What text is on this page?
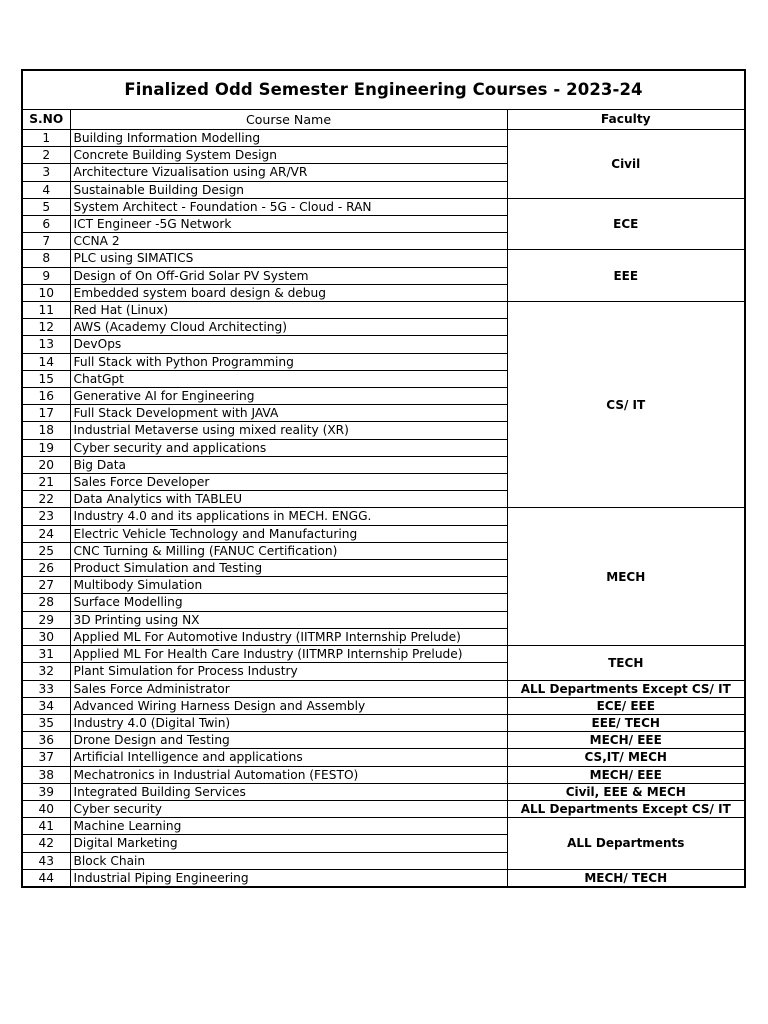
Finalized Odd Semester Engineering Courses - 2023-24
S.NO	Course Name	Faculty
1	Building Information Modelling	Civil
2	Concrete Building System Design	
3	Architecture Vizualisation using AR/VR	
4	Sustainable Building Design	
5	System Architect - Foundation - 5G - Cloud - RAN	ECE
6	ICT Engineer -5G Network	
7	CCNA 2	
8	PLC using SIMATICS	EEE
9	Design of On Off-Grid Solar PV System	
10	Embedded system board design & debug	
11	Red Hat (Linux)	CS/ IT
12	AWS (Academy Cloud Architecting)	
13	DevOps	
14	Full Stack with Python Programming	
15	ChatGpt	
16	Generative AI for Engineering	
17	Full Stack Development with JAVA	
18	Industrial Metaverse using mixed reality (XR)	
19	Cyber security and applications	
20	Big Data	
21	Sales Force Developer	
22	Data Analytics with TABLEU	
23	Industry 4.0 and its applications in MECH. ENGG.	MECH
24	Electric Vehicle Technology and Manufacturing	
25	CNC Turning & Milling (FANUC Certification)	
26	Product Simulation and Testing	
27	Multibody Simulation	
28	Surface Modelling	
29	3D Printing using NX	
30	Applied ML For Automotive Industry (IITMRP Internship Prelude)	
31	Applied ML For Health Care Industry (IITMRP Internship Prelude)	TECH
32	Plant Simulation for Process Industry	
33	Sales Force Administrator	ALL Departments Except CS/ IT
34	Advanced Wiring Harness Design and Assembly	ECE/ EEE
35	Industry 4.0 (Digital Twin)	EEE/ TECH
36	Drone Design and Testing	MECH/ EEE
37	Artificial Intelligence and applications	CS,IT/ MECH
38	Mechatronics in Industrial Automation (FESTO)	MECH/ EEE
39	Integrated Building Services	Civil, EEE & MECH
40	Cyber security	ALL Departments Except CS/ IT
41	Machine Learning	ALL Departments
42	Digital Marketing	
43	Block Chain	
44	Industrial Piping Engineering	MECH/ TECH
